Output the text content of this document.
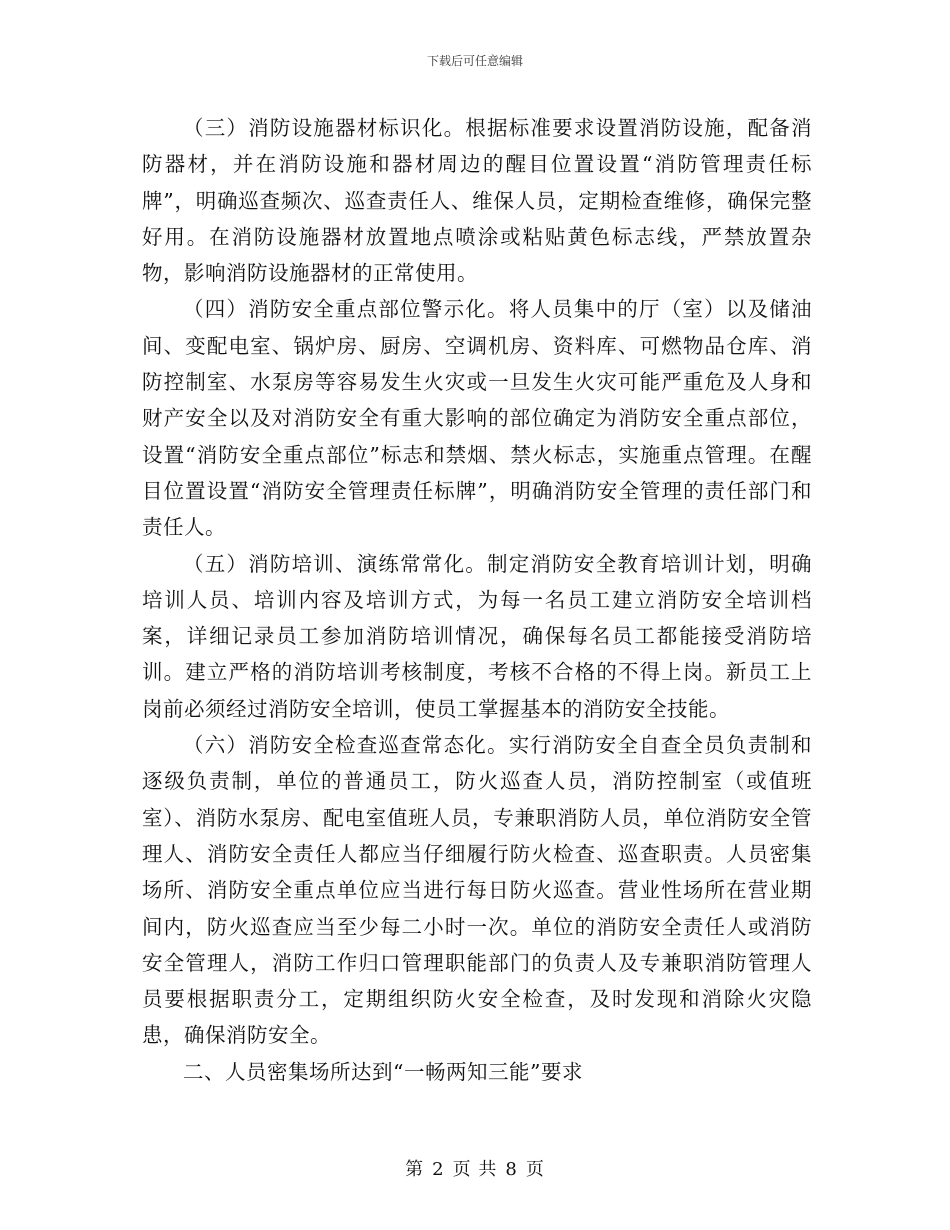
下载后可任意编辑

（三）消防设施器材标识化。根据标准要求设置消防设施，配备消防器材，并在消防设施和器材周边的醒目位置设置“消防管理责任标牌”，明确巡查频次、巡查责任人、维保人员，定期检查维修，确保完整好用。在消防设施器材放置地点喷涂或粘贴黄色标志线，严禁放置杂物，影响消防设施器材的正常使用。

（四）消防安全重点部位警示化。将人员集中的厅（室）以及储油间、变配电室、锅炉房、厨房、空调机房、资料库、可燃物品仓库、消防控制室、水泵房等容易发生火灾或一旦发生火灾可能严重危及人身和财产安全以及对消防安全有重大影响的部位确定为消防安全重点部位，设置“消防安全重点部位”标志和禁烟、禁火标志，实施重点管理。在醒目位置设置“消防安全管理责任标牌”，明确消防安全管理的责任部门和责任人。

（五）消防培训、演练常常化。制定消防安全教育培训计划，明确培训人员、培训内容及培训方式，为每一名员工建立消防安全培训档案，详细记录员工参加消防培训情况，确保每名员工都能接受消防培训。建立严格的消防培训考核制度，考核不合格的不得上岗。新员工上岗前必须经过消防安全培训，使员工掌握基本的消防安全技能。

（六）消防安全检查巡查常态化。实行消防安全自查全员负责制和逐级负责制，单位的普通员工，防火巡查人员，消防控制室（或值班室）、消防水泵房、配电室值班人员，专兼职消防人员，单位消防安全管理人、消防安全责任人都应当仔细履行防火检查、巡查职责。人员密集场所、消防安全重点单位应当进行每日防火巡查。营业性场所在营业期间内，防火巡查应当至少每二小时一次。单位的消防安全责任人或消防安全管理人，消防工作归口管理职能部门的负责人及专兼职消防管理人员要根据职责分工，定期组织防火安全检查，及时发现和消除火灾隐患，确保消防安全。

二、人员密集场所达到“一畅两知三能”要求

第 2 页 共 8 页
